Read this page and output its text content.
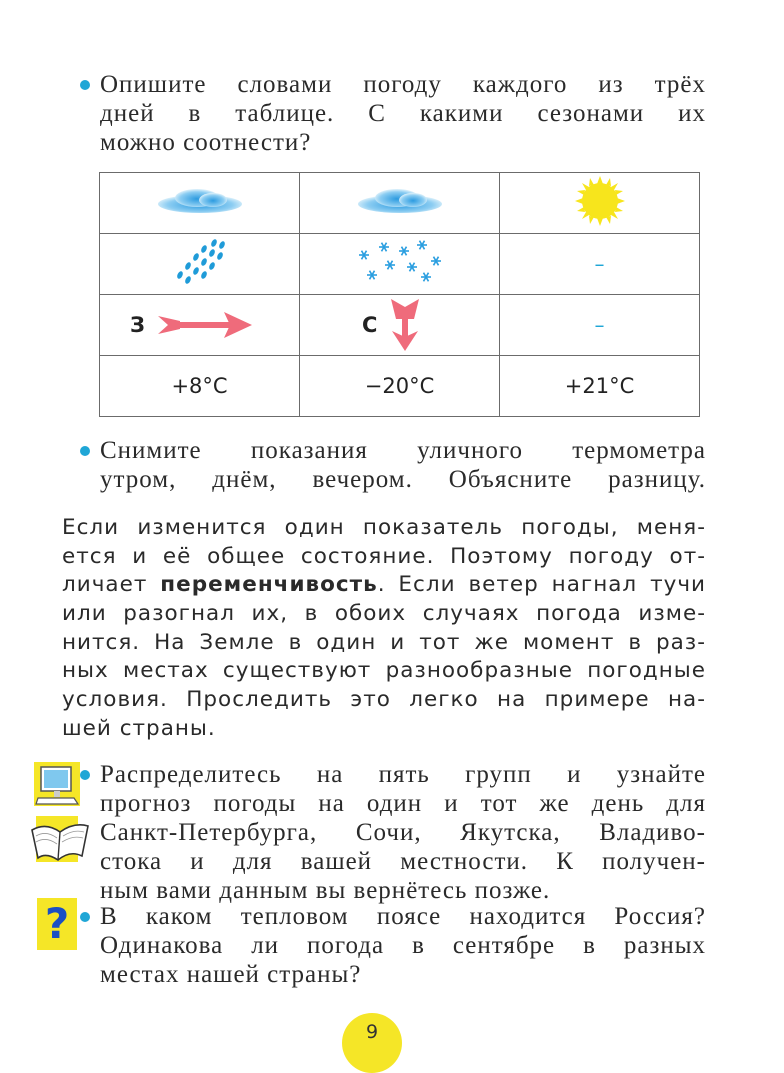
Опишите словами погоду каждого из трёх
дней в таблице. С какими сезонами их
можно соотнести?

		–

З	С	–
+8°C	−20°C	+21°C
Снимите показания уличного термометра
утром, днём, вечером. Объясните разницу.
Если изменится один показатель погоды, меня-
ется и её общее состояние. Поэтому погоду от-
личает переменчивость. Если ветер нагнал тучи
или разогнал их, в обоих случаях погода изме-
нится. На Земле в один и тот же момент в раз-
ных местах существуют разнообразные погодные
условия. Проследить это легко на примере на-
шей страны.
Распределитесь на пять групп и узнайте
прогноз погоды на один и тот же день для
Санкт-Петербурга, Сочи, Якутска, Владиво-
стока и для вашей местности. К получен-
ным вами данным вы вернётесь позже.
?	В каком тепловом поясе находится Россия?
Одинакова ли погода в сентябре в разных
местах нашей страны?
9
